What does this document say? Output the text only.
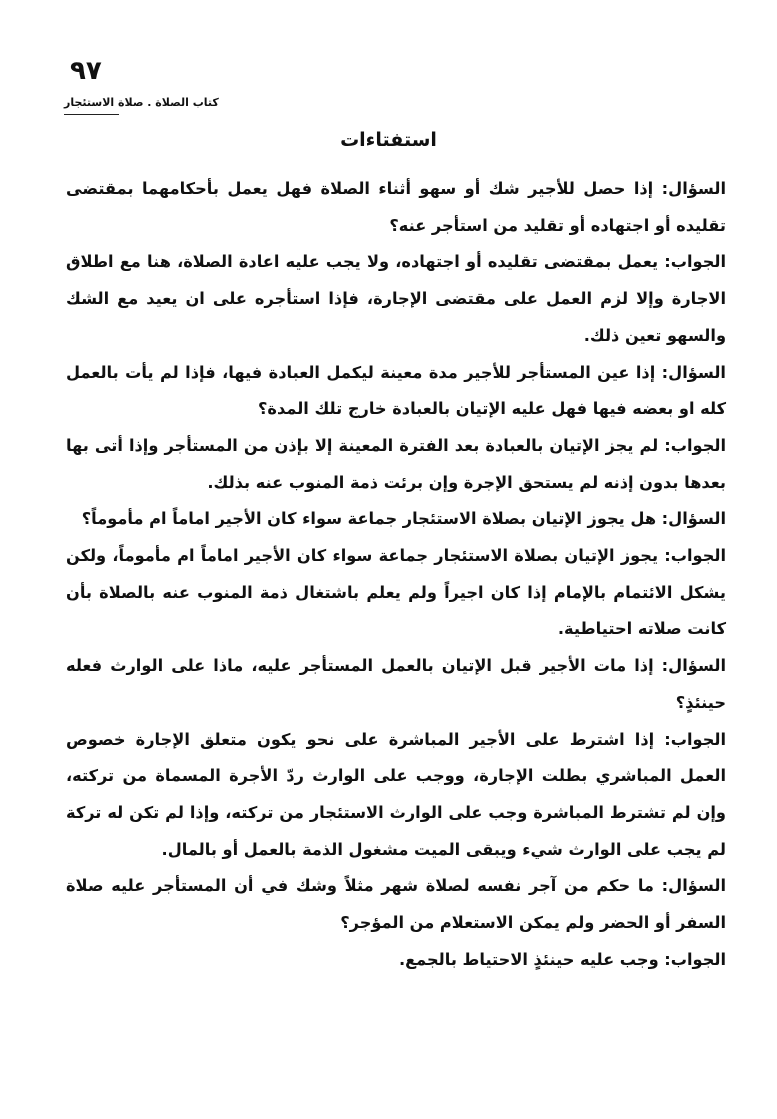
٩٧
كتاب الصلاة . صلاة الاستئجار
استفتاءات

السؤال: إذا حصل للأجير شك أو سهو أثناء الصلاة فهل يعمل بأحكامهما بمقتضى تقليده أو اجتهاده أو تقليد من استأجر عنه؟

الجواب: يعمل بمقتضى تقليده أو اجتهاده، ولا يجب عليه اعادة الصلاة، هنا مع اطلاق الاجارة وإلا لزم العمل على مقتضى الإجارة، فإذا استأجره على ان يعيد مع الشك والسهو تعين ذلك.

السؤال: إذا عين المستأجر للأجير مدة معينة ليكمل العبادة فيها، فإذا لم يأت بالعمل كله او بعضه فيها فهل عليه الإتيان بالعبادة خارج تلك المدة؟

الجواب: لم يجز الإتيان بالعبادة بعد الفترة المعينة إلا بإذن من المستأجر وإذا أتى بها بعدها بدون إذنه لم يستحق الإجرة وإن برئت ذمة المنوب عنه بذلك.

السؤال: هل يجوز الإتيان بصلاة الاستئجار جماعة سواء كان الأجير اماماً ام مأموماً؟

الجواب: يجوز الإتيان بصلاة الاستئجار جماعة سواء كان الأجير اماماً ام مأموماً، ولكن يشكل الائتمام بالإمام إذا كان اجيراً ولم يعلم باشتغال ذمة المنوب عنه بالصلاة بأن كانت صلاته احتياطية.

السؤال: إذا مات الأجير قبل الإتيان بالعمل المستأجر عليه، ماذا على الوارث فعله حينئذٍ؟

الجواب: إذا اشترط على الأجير المباشرة على نحو يكون متعلق الإجارة خصوص العمل المباشري بطلت الإجارة، ووجب على الوارث ردّ الأجرة المسماة من تركته، وإن لم تشترط المباشرة وجب على الوارث الاستئجار من تركته، وإذا لم تكن له تركة لم يجب على الوارث شيء ويبقى الميت مشغول الذمة بالعمل أو بالمال.

السؤال: ما حكم من آجر نفسه لصلاة شهر مثلاً وشك في أن المستأجر عليه صلاة السفر أو الحضر ولم يمكن الاستعلام من المؤجر؟

الجواب: وجب عليه حينئذٍ الاحتياط بالجمع.
